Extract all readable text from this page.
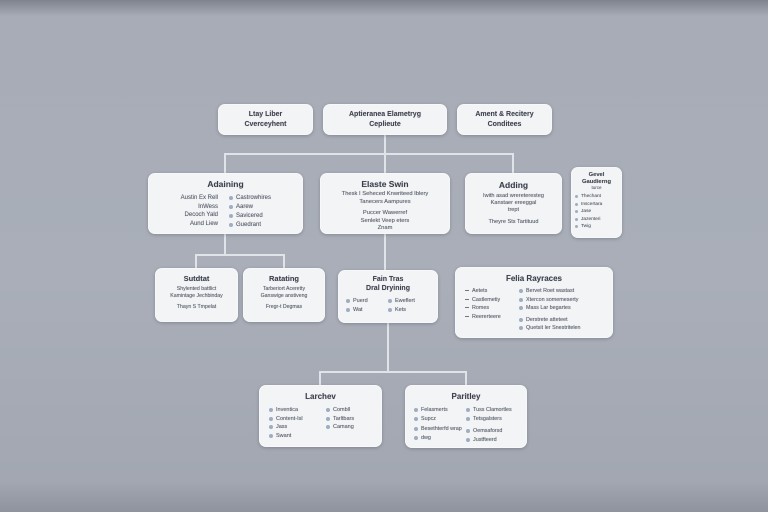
Ltay Liber
Cverceyhent
Aptieranea Elametryg
Ceplieute
Ament & Recitery
Conditees
Adaining
Austin Ex Rell
InWess
Decoch Yald
Aund Liew
Castrowhires
Aarew
Savicered
Guedrant
Elaste Swin
Thesk I Seheced Knwriteed Iblery
Tanecers Aampures
Puccer Wawerref
Senlekt Veep eters
Znam
Adding
Iwith asad wrereteresteg
Kanstaer ereeggal
trept
Theyre Sts Tartituud
Gevel
Gaudierng
turce
Thechant
Inscertara
Jase
Jazenteri
Twig
Sutdtat
Shylented battlict
Kamintage Jechbinday
Thayn S Tmpelat
Ratating
Tarberiort Aceretty
Ganswige anstiveng
Fregr-t Degmas
Fain Tras
Dral Dryining
Puerd
Wat
Eweflert
Kets
Felia Rayraces
Aetets
Castlemetiy
Romes
Reererteere
Bervet Roet wastast
Xtercon somemeserty
Mass Lar begartes
Derstrete atteteet
Quetsit ler Snestritelen
Larchev
Inventica
Content-Isl
Jass
Swant
Combll
Tarltbars
Camang
Paritley
Felasmerts
Supcz
Besethterfd wrap
dwg
Tuss Clamortles
Tetsgalsters
Oemsaforsd
Justfteerd
